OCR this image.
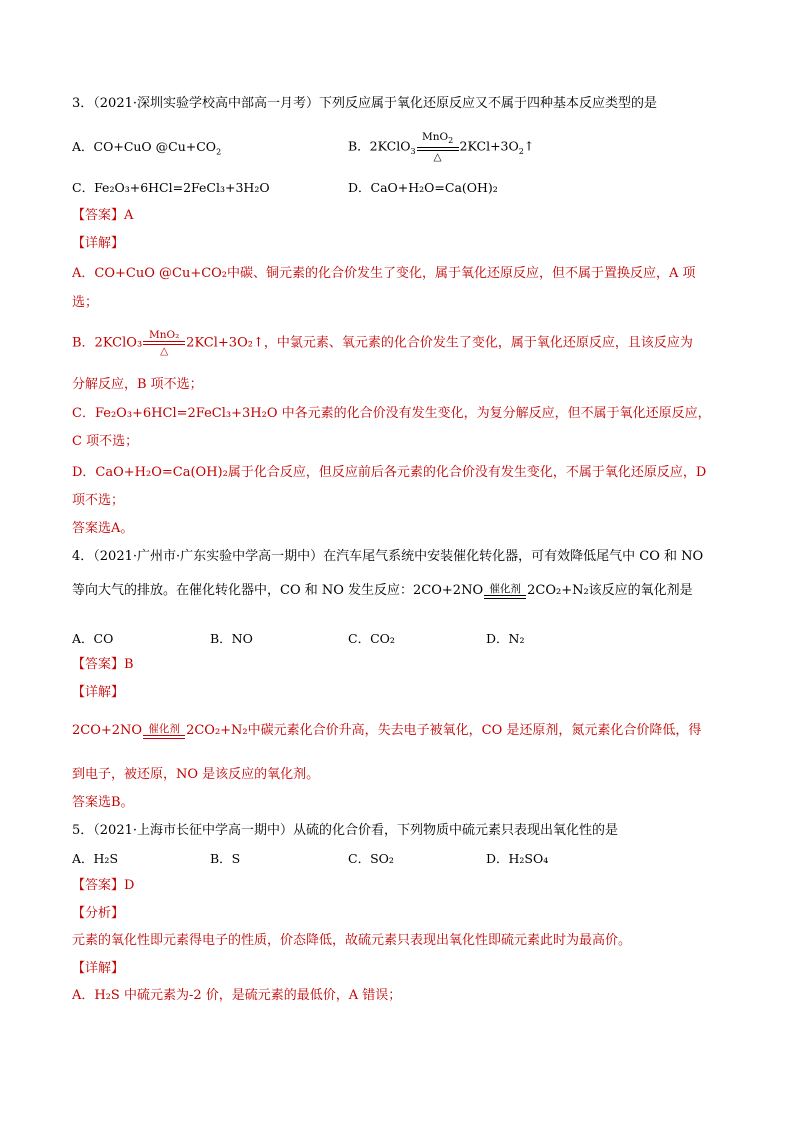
3．（2021·深圳实验学校高中部高一月考）下列反应属于氧化还原反应又不属于四种基本反应类型的是
A．CO+CuO $@Cu+CO_2$	B．2KClO$_3$
MnO$_2$
△
$2KCl+3O_2↑$
C．Fe₂O₃+6HCl=2FeCl₃+3H₂O	D．CaO+H₂O=Ca(OH)₂
【答案】A
【详解】
A．CO+CuO @Cu+CO₂中碳、铜元素的化合价发生了变化，属于氧化还原反应，但不属于置换反应，A 项
选；
B．2KClO₃
MnO₂
△
2KCl+3O₂↑，中氯元素、氧元素的化合价发生了变化，属于氧化还原反应，且该反应为
分解反应，B 项不选；
C．Fe₂O₃+6HCl=2FeCl₃+3H₂O 中各元素的化合价没有发生变化，为复分解反应，但不属于氧化还原反应，
C 项不选；
D．CaO+H₂O=Ca(OH)₂属于化合反应，但反应前后各元素的化合价没有发生变化，不属于氧化还原反应，D
项不选；
答案选A。
4．（2021·广州市·广东实验中学高一期中）在汽车尾气系统中安装催化转化器，可有效降低尾气中 CO 和 NO
等向大气的排放。在催化转化器中，CO 和 NO 发生反应：2CO+2NO 催化剂 2CO₂+N₂该反应的氧化剂是
A．CO	B．NO	C．CO₂	D．N₂
【答案】B
【详解】
2CO+2NO 催化剂 2CO₂+N₂中碳元素化合价升高，失去电子被氧化，CO 是还原剂，氮元素化合价降低，得
到电子，被还原，NO 是该反应的氧化剂。
答案选B。
5．（2021·上海市长征中学高一期中）从硫的化合价看，下列物质中硫元素只表现出氧化性的是
A．H₂S	B．S	C．SO₂	D．H₂SO₄
【答案】D
【分析】
元素的氧化性即元素得电子的性质，价态降低，故硫元素只表现出氧化性即硫元素此时为最高价。
【详解】
A．H₂S 中硫元素为-2 价，是硫元素的最低价，A 错误；
